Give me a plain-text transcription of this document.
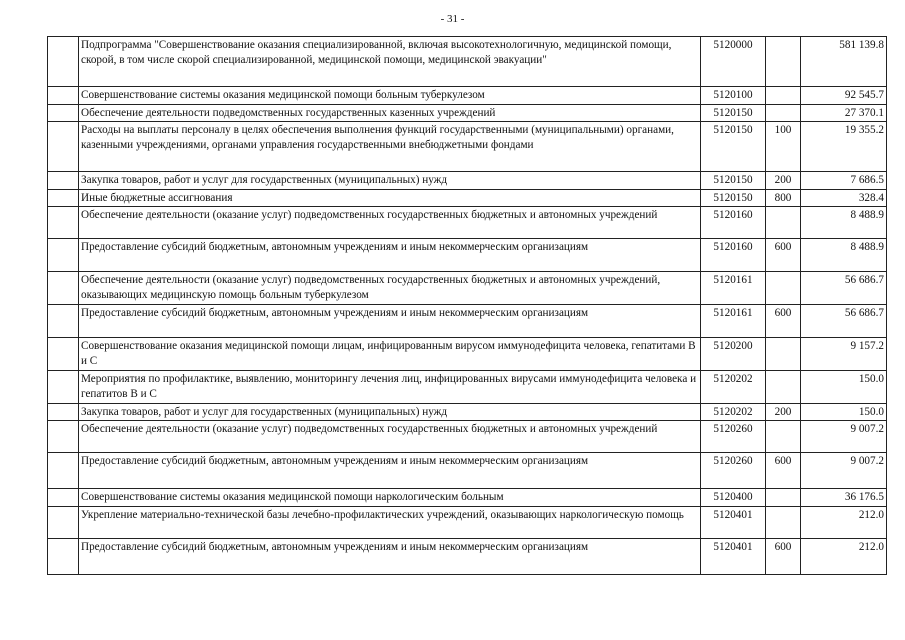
- 31 -
	Подпрограмма "Совершенствование оказания специализированной, включая высокотехнологичную, медицинской помощи, скорой, в том числе скорой специализированной, медицинской помощи, медицинской эвакуации"	5120000		581 139.8
	Совершенствование системы оказания медицинской помощи больным туберкулезом	5120100		92 545.7
	Обеспечение деятельности подведомственных государственных казенных учреждений	5120150		27 370.1
	Расходы на выплаты персоналу в целях обеспечения выполнения функций государственными (муниципальными) органами, казенными учреждениями, органами управления государственными внебюджетными фондами	5120150	100	19 355.2
	Закупка товаров, работ и услуг для государственных (муниципальных) нужд	5120150	200	7 686.5
	Иные бюджетные ассигнования	5120150	800	328.4
	Обеспечение деятельности (оказание услуг) подведомственных государственных бюджетных и автономных учреждений	5120160		8 488.9
	Предоставление субсидий бюджетным, автономным учреждениям и иным некоммерческим организациям	5120160	600	8 488.9
	Обеспечение деятельности (оказание услуг) подведомственных государственных бюджетных и автономных учреждений, оказывающих медицинскую помощь больным туберкулезом	5120161		56 686.7
	Предоставление субсидий бюджетным, автономным учреждениям и иным некоммерческим организациям	5120161	600	56 686.7
	Совершенствование оказания медицинской помощи лицам, инфицированным вирусом иммунодефицита человека, гепатитами В и С	5120200		9 157.2
	Мероприятия по профилактике, выявлению, мониторингу лечения лиц, инфицированных вирусами иммунодефицита человека и гепатитов В и С	5120202		150.0
	Закупка товаров, работ и услуг для государственных (муниципальных) нужд	5120202	200	150.0
	Обеспечение деятельности (оказание услуг) подведомственных государственных бюджетных и автономных учреждений	5120260		9 007.2
	Предоставление субсидий бюджетным, автономным учреждениям и иным некоммерческим организациям	5120260	600	9 007.2
	Совершенствование системы оказания медицинской помощи наркологическим больным	5120400		36 176.5
	Укрепление материально-технической базы лечебно-профилактических учреждений, оказывающих наркологическую помощь	5120401		212.0
	Предоставление субсидий бюджетным, автономным учреждениям и иным некоммерческим организациям	5120401	600	212.0
